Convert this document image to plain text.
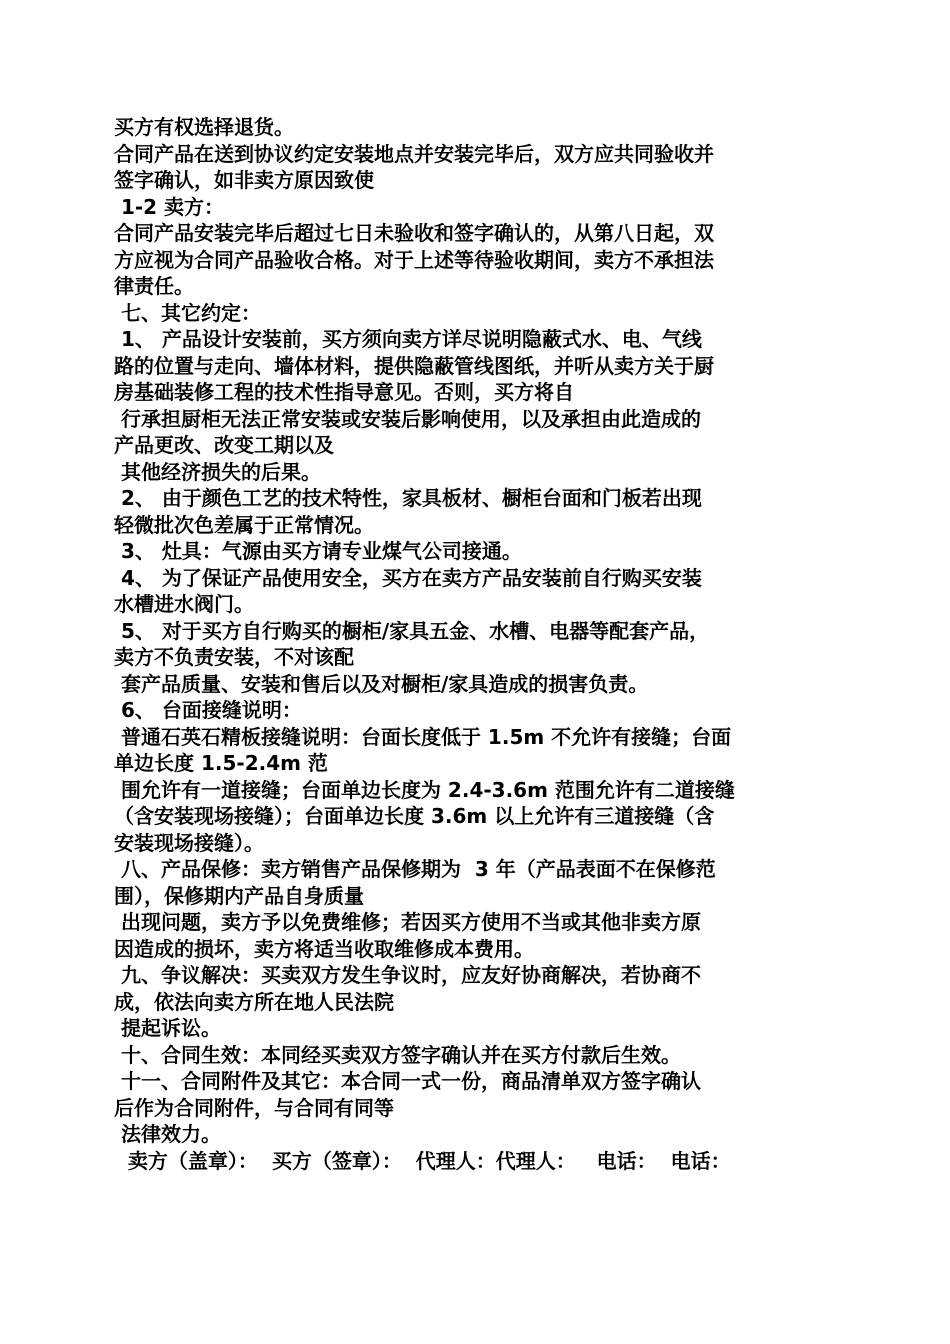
买方有权选择退货。
合同产品在送到协议约定安装地点并安装完毕后，双方应共同验收并
签字确认，如非卖方原因致使
1-2 卖方：
合同产品安装完毕后超过七日未验收和签字确认的，从第八日起，双
方应视为合同产品验收合格。对于上述等待验收期间，卖方不承担法
律责任。
七、其它约定：
1、 产品设计安装前，买方须向卖方详尽说明隐蔽式水、电、气线
路的位置与走向、墙体材料，提供隐蔽管线图纸，并听从卖方关于厨
房基础装修工程的技术性指导意见。否则，买方将自
行承担厨柜无法正常安装或安装后影响使用，以及承担由此造成的
产品更改、改变工期以及
其他经济损失的后果。
2、 由于颜色工艺的技术特性，家具板材、橱柜台面和门板若出现
轻微批次色差属于正常情况。
3、 灶具：气源由买方请专业煤气公司接通。
4、 为了保证产品使用安全，买方在卖方产品安装前自行购买安装
水槽进水阀门。
5、 对于买方自行购买的橱柜/家具五金、水槽、电器等配套产品，
卖方不负责安装，不对该配
套产品质量、安装和售后以及对橱柜/家具造成的损害负责。
6、 台面接缝说明：
普通石英石精板接缝说明：台面长度低于 1.5m 不允许有接缝；台面
单边长度 1.5-2.4m 范
围允许有一道接缝；台面单边长度为 2.4-3.6m 范围允许有二道接缝
（含安装现场接缝）；台面单边长度 3.6m 以上允许有三道接缝（含
安装现场接缝）。
八、产品保修：卖方销售产品保修期为  3 年（产品表面不在保修范
围），保修期内产品自身质量
出现问题，卖方予以免费维修；若因买方使用不当或其他非卖方原
因造成的损坏，卖方将适当收取维修成本费用。
九、争议解决：买卖双方发生争议时，应友好协商解决，若协商不
成，依法向卖方所在地人民法院
提起诉讼。
十、合同生效：本同经买卖双方签字确认并在买方付款后生效。
十一、合同附件及其它：本合同一式一份，商品清单双方签字确认
后作为合同附件，与合同有同等
法律效力。
卖方（盖章）：  买方（签章）：  代理人：代理人：   电话：  电话：
